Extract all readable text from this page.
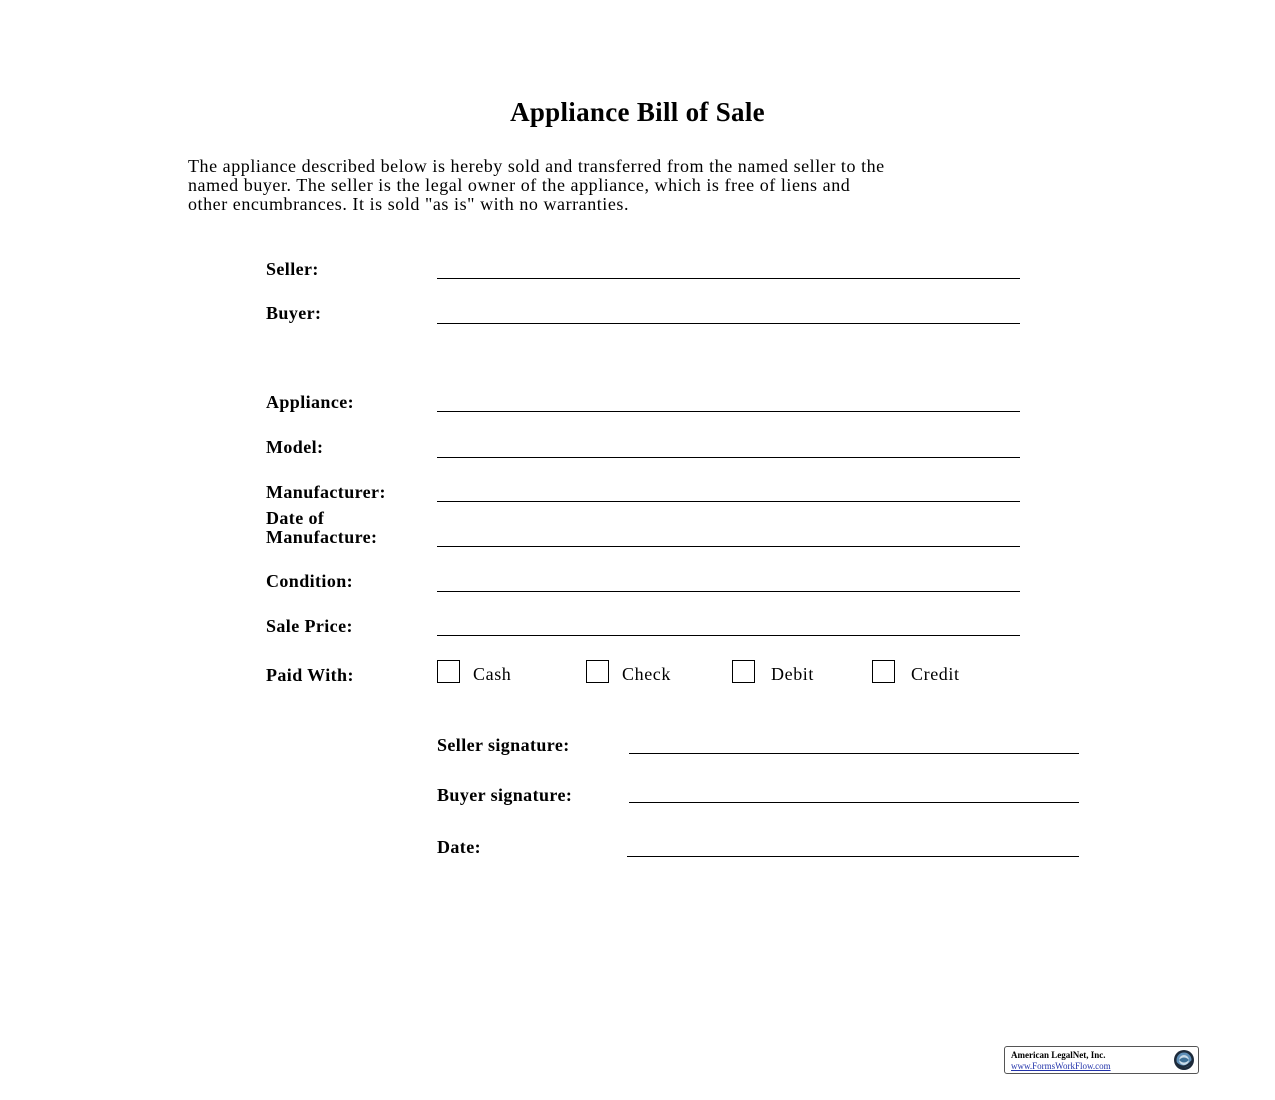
Appliance Bill of Sale
The appliance described below is hereby sold and transferred from the named seller to the
named buyer. The seller is the legal owner of the appliance, which is free of liens and
other encumbrances. It is sold "as is" with no warranties.
Seller:
Buyer:
Appliance:
Model:
Manufacturer:
Date of
Manufacture:
Condition:
Sale Price:
Paid With:	Cash	Check	Debit	Credit
Seller signature:
Buyer signature:
Date:
American LegalNet, Inc.
www.FormsWorkFlow.com
